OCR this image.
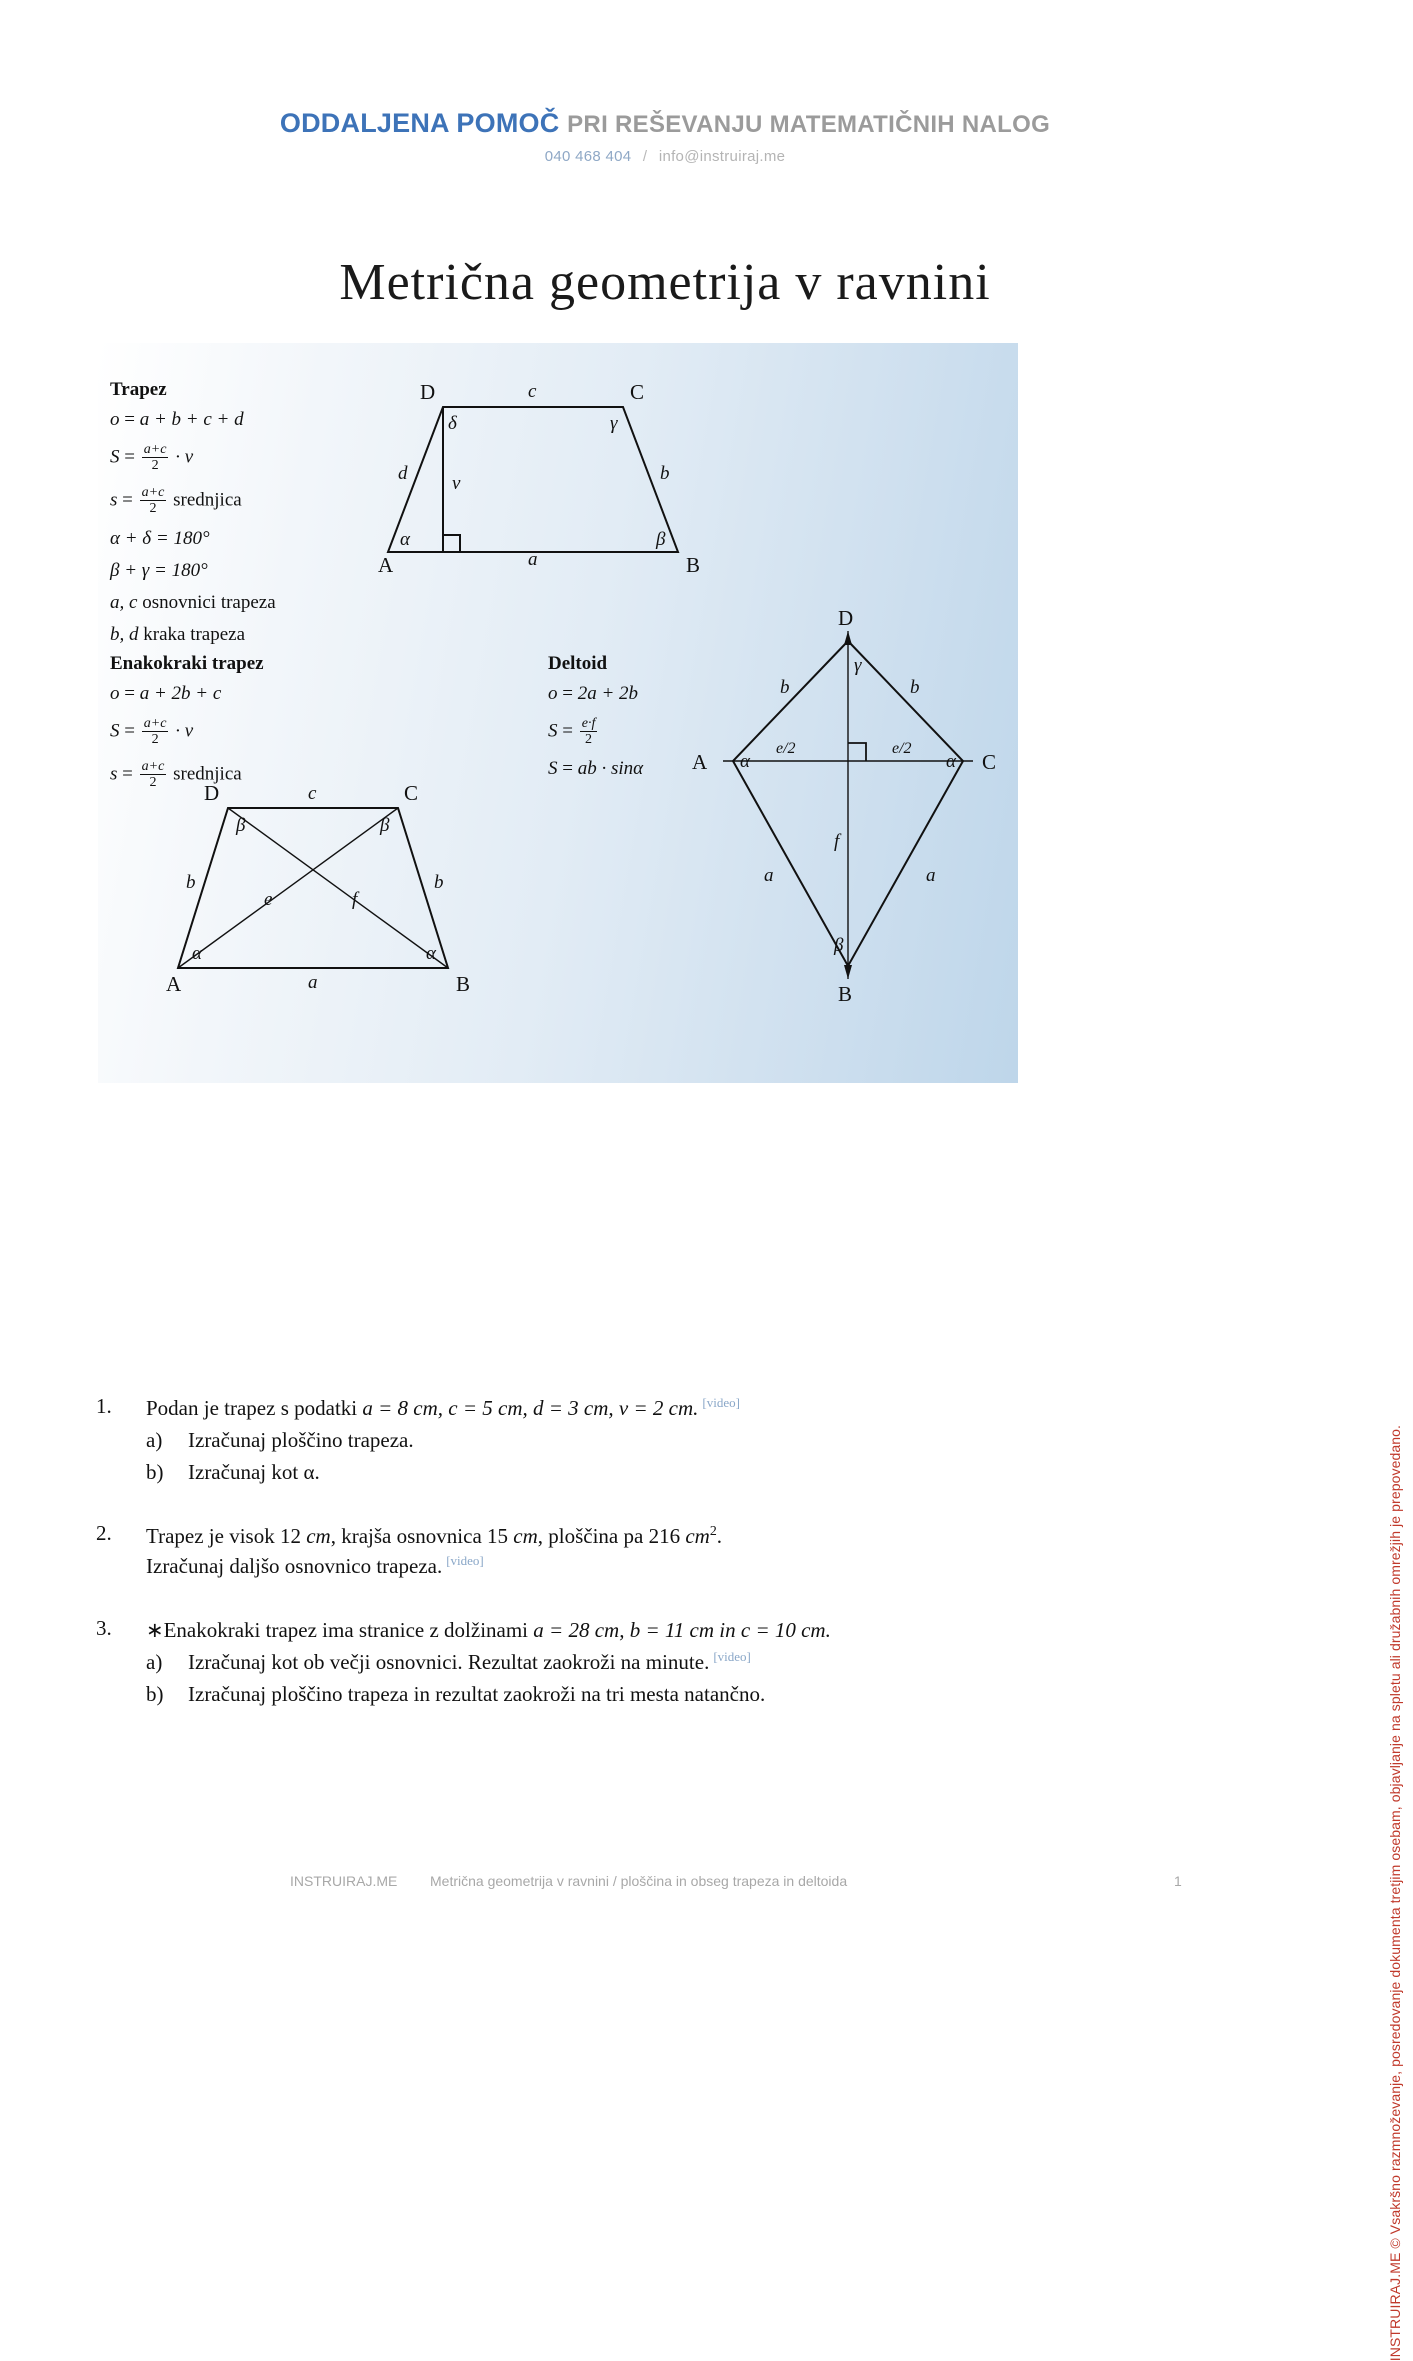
ODDALJENA POMOČ PRI REŠEVANJU MATEMATIČNIH NALOG
040 468 404 / info@instruiraj.me
Metrična geometrija v ravnini
Trapez
o = a + b + c + d
$S = \frac{a+c}{2} \cdot v$
$s = \frac{a+c}{2}$ srednjica
α + δ = 180°
β + γ = 180°
a, c osnovnici trapeza
b, d kraka trapeza
A	B
C
D
a
b
c
d v
α	β
γ
δ
Enakokraki trapez
o = a + 2b + c
$S = \frac{a+c}{2} \cdot v$
$s = \frac{a+c}{2}$ srednjica
A	B
C
D
a
b	b
c
e	f
α	α
β	β
Deltoid
o = 2a + 2b
$S = \frac{e\cdot f}{2}$
S = ab · sinα
D
B
A	C
b	b
a	a
e/2	e/2
f
α	α
γ
β
1.	Podan je trapez s podatki a = 8 cm, c = 5 cm, d = 3 cm, v = 2 cm. [video]
a)	Izračunaj ploščino trapeza.
b)	Izračunaj kot α.
2.	Trapez je visok 12 cm, krajša osnovnica 15 cm, ploščina pa 216 $cm^2$.
Izračunaj daljšo osnovnico trapeza. [video]
3.	∗Enakokraki trapez ima stranice z dolžinami a = 28 cm, b = 11 cm in c = 10 cm.
a)	Izračunaj kot ob večji osnovnici. Rezultat zaokroži na minute. [video]
b)	Izračunaj ploščino trapeza in rezultat zaokroži na tri mesta natančno.	INSTRUIRAJ.ME © Vsakršno razmnoževanje, posredovanje dokumenta tretjim osebam, objavljanje na spletu ali družabnih omrežjih je prepovedano.
INSTRUIRAJ.ME Metrična geometrija v ravnini / ploščina in obseg trapeza in deltoida	1
